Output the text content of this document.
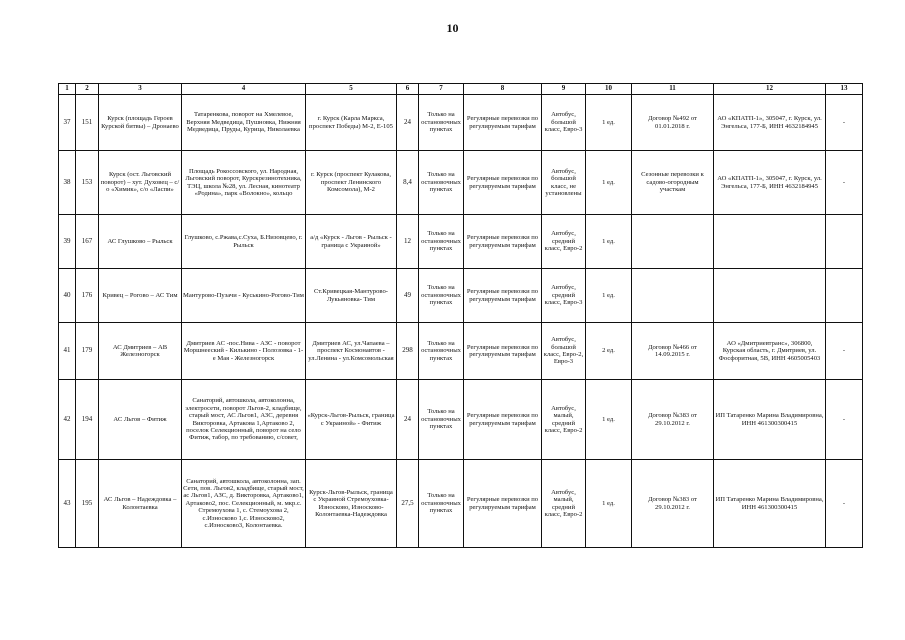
10
1	2	3	4	5	6	7	8	9	10	11	12	13
37	151	Курск (площадь Героев Курской битвы) – Дронаево	Татаренкова, поворот на Хмелевое, Верхняя Медведица, Пушновка, Нижняя Медведица, Пруды, Курица, Николаевка	г. Курск (Карла Маркса, проспект Победы) М-2, Е-105	24	Только на остановочных пунктах	Регулярные перевозки по регулируемым тарифам	Автобус, большой класс, Евро-3	1 ед.	Договор №492 от 01.01.2018 г.	АО «КПАТП-1», 305047, г. Курск, ул. Энгельса, 177-Б, ИНН 4632184945	-
38	153	Курск (ост. Льговский поворот) – хут. Духовец – с/о «Химик», с/о «Ласпи»	Площадь Рокоссовского, ул. Народная, Льговский поворот, Курскрезинотехника, ТЭЦ, школа №28, ул. Лесная, кинотеатр «Родина», парк «Волокно», кольцо	г. Курск (проспект Кулакова, проспект Ленинского Комсомола), М-2	8,4	Только на остановочных пунктах	Регулярные перевозки по регулируемым тарифам	Автобус, большой класс, не установлены	1 ед.	Сезонные перевозки к садово-огородным участкам	АО «КПАТП-1», 305047, г. Курск, ул. Энгельса, 177-Б, ИНН 4632184945	-
39	167	АС Глушково – Рыльск	Глушково, с.Ржава,с.Суха, Б.Низовцево, г. Рыльск	а/д «Курск - Льгов - Рыльск - граница с Украиной»	12	Только на остановочных пунктах	Регулярные перевозки по регулируемым тарифам	Автобус, средний класс, Евро-2	1 ед.			
40	176	Кривец – Рогово – АС Тим	Мантурово-Пузачи - Куськино-Рогово-Тим	Ст.Кривецкая-Мантурово-Лукьяновка- Тим	49	Только на остановочных пунктах	Регулярные перевозки по регулируемым тарифам	Автобус, средний класс, Евро-3	1 ед.			
41	179	АС Дмитриев – АВ Железногорск	Дмитриев АС -пос.Нива - АЗС - поворот Моршнееский - Килькино - Полозовка - 1-е Мая - Железногорск	Дмитриев АС, ул.Чапаева – проспект Космонавтов - ул.Ленина - ул.Комсомольская	298	Только на остановочных пунктах	Регулярные перевозки по регулируемым тарифам	Автобус, большой класс, Евро-2, Евро-3	2 ед.	Договор №466 от 14.09.2015 г.	АО «Дмитриевтранс», 306800, Курская область, г. Дмитриев, ул. Фосфоритная, 5В, ИНН 4605005403	-
42	194	АС Льгов – Фитиж	Санаторий, автошкола, автоколонна, электросети, поворот Льгов-2, кладбище, старый мост, АС Льгов1, АЗС, деревня Викторовка, Артакова 1,Артаково 2, поселок Селекционный, поворот на село Фитиж, табор, по требованию, с/совет,	«Курск-Льгов-Рыльск, граница с Украиной» - Фитиж	24	Только на остановочных пунктах	Регулярные перевозки по регулируемым тарифам	Автобус, малый, средний класс, Евро-2	1 ед.	Договор №383 от 29.10.2012 г.	ИП Татаренко Марина Владимировна, ИНН 461300300415	-
43	195	АС Льгов – Надеждовка – Колонтаевка	Санаторий, автошкола, автоколонна, зап. Сети, пов. Льгов2, кладбище, старый мост, ас Льгов1, АЗС, д. Викторовка, Артаково1, Артаково2, пос. Селекционный, м. мкр.с. Стремоухова 1, с. Стемоухова 2, с.Износково 1,с. Износково2, с.Износково3, Колонтаевка.	Курск-Льгов-Рыльск, граница с Украиной Стремоуховка-Износково, Износково-Колонтаевка-Надеждовка	27,5	Только на остановочных пунктах	Регулярные перевозки по регулируемым тарифам	Автобус, малый, средний класс, Евро-2	1 ед.	Договор №383 от 29.10.2012 г.	ИП Татаренко Марина Владимировна, ИНН 461300300415	-
